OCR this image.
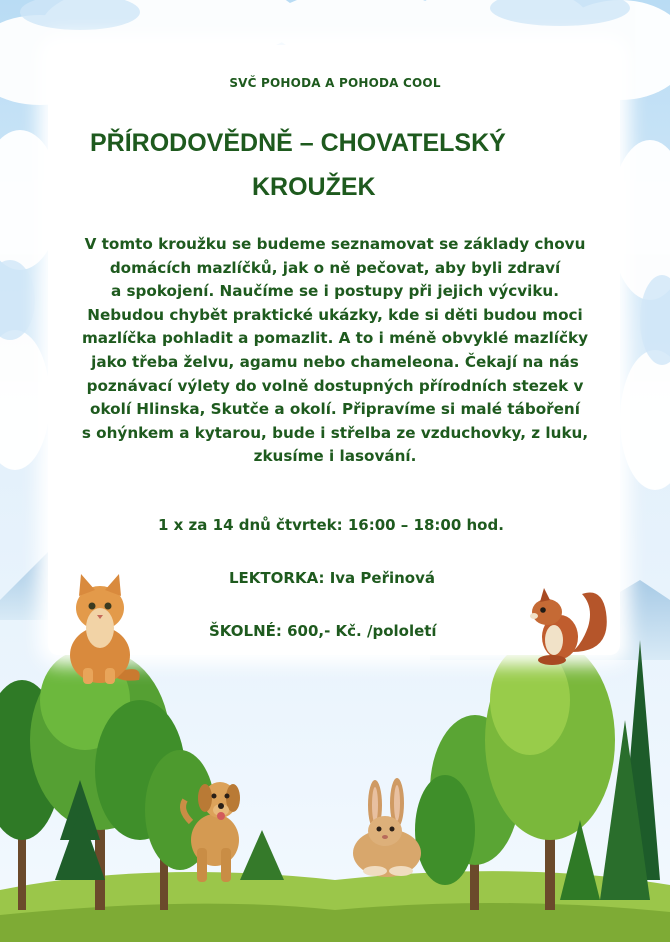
SVČ POHODA A POHODA COOL
PŘÍRODOVĚDNĚ – CHOVATELSKÝ
KROUŽEK
V tomto kroužku se budeme seznamovat se základy chovu
domácích mazlíčků, jak o ně pečovat, aby byli zdraví
a spokojení. Naučíme se i postupy při jejich výcviku.
Nebudou chybět praktické ukázky, kde si děti budou moci
mazlíčka pohladit a pomazlit. A to i méně obvyklé mazlíčky
jako třeba želvu, agamu nebo chameleona. Čekají na nás
poznávací výlety do volně dostupných přírodních stezek v
okolí Hlinska, Skutče a okolí. Připravíme si malé táboření
s ohýnkem a kytarou, bude i střelba ze vzduchovky, z luku,
zkusíme i lasování.
1 x za 14 dnů čtvrtek: 16:00 – 18:00 hod.
LEKTORKA: Iva Peřinová
ŠKOLNÉ: 600,- Kč. /pololetí
